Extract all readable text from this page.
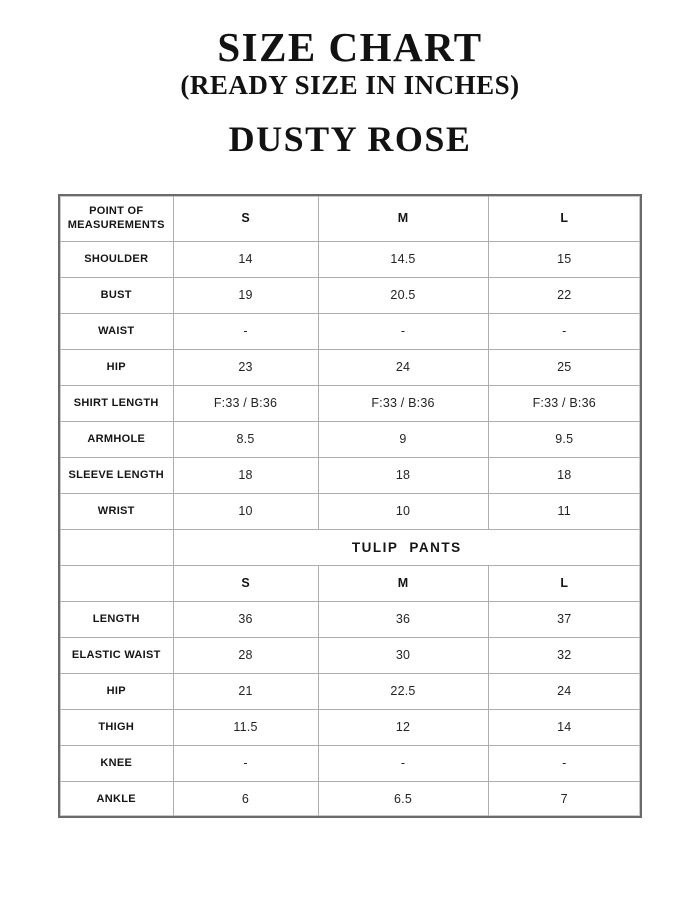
SIZE CHART
(READY SIZE IN INCHES)
DUSTY ROSE
POINT OF MEASUREMENTS	S	M	L
SHOULDER	14	14.5	15
BUST	19	20.5	22
WAIST	-	-	-
HIP	23	24	25
SHIRT LENGTH	F:33 / B:36	F:33 / B:36	F:33 / B:36
ARMHOLE	8.5	9	9.5
SLEEVE LENGTH	18	18	18
WRIST	10	10	11
	TULIP PANTS		
	S	M	L
LENGTH	36	36	37
ELASTIC WAIST	28	30	32
HIP	21	22.5	24
THIGH	11.5	12	14
KNEE	-	-	-
ANKLE	6	6.5	7
